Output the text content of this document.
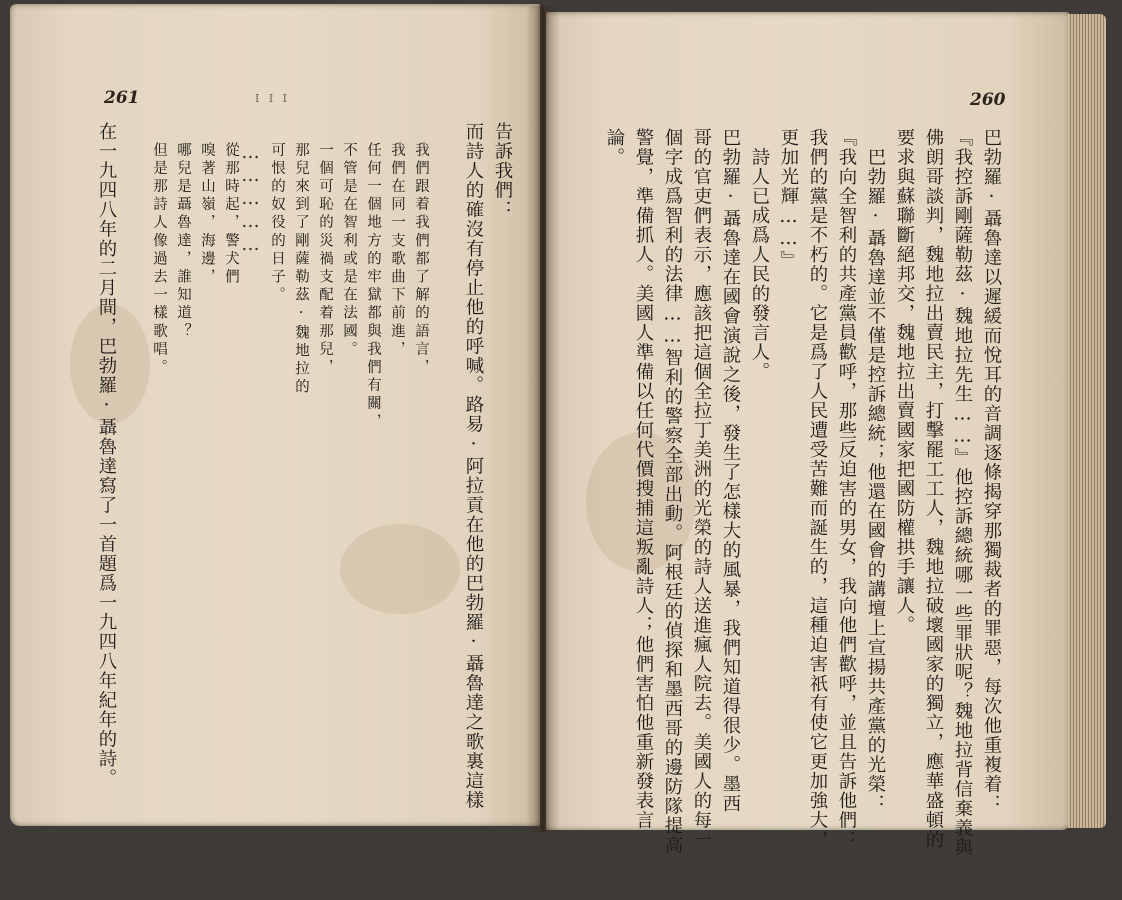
261	I I I	260
巴勃羅·聶魯達以遲緩而悅耳的音調逐條揭穿那獨裁者的罪惡，每次他重複着：
『我控訴剛薩勒茲·魏地拉先生……』他控訴總統哪一些罪狀呢？魏地拉背信棄義與
佛朗哥談判，魏地拉出賣民主，打擊罷工工人，魏地拉破壞國家的獨立，應華盛頓的
要求與蘇聯斷絕邦交，魏地拉出賣國家把國防權拱手讓人。
　巴勃羅·聶魯達並不僅是控訴總統；他還在國會的講壇上宣揚共產黨的光榮：
『我向全智利的共產黨員歡呼，那些反迫害的男女，我向他們歡呼，並且告訴他們：
我們的黨是不朽的。它是爲了人民遭受苦難而誕生的，這種迫害祇有使它更加強大，
更加光輝……』
　詩人已成爲人民的發言人。
巴勃羅·聶魯達在國會演說之後，發生了怎樣大的風暴，我們知道得很少。墨西
哥的官吏們表示，應該把這個全拉丁美洲的光榮的詩人送進瘋人院去。美國人的每一
個字成爲智利的法律……智利的警察全部出動。阿根廷的偵探和墨西哥的邊防隊提高
警覺，準備抓人。美國人準備以任何代價搜捕這叛亂詩人；他們害怕他重新發表言
論。
告訴我們：
而詩人的確沒有停止他的呼喊。路易·阿拉貢在他的巴勃羅·聶魯達之歌裏這樣
我們跟着我們都了解的語言，
我們在同一支歌曲下前進，
任何一個地方的牢獄都與我們有關，
不管是在智利或是在法國。
一個可恥的災禍支配着那兒，
那兒來到了剛薩勒茲·魏地拉的
可恨的奴役的日子。
……………
從那時起，警犬們
嗅著山嶺，海邊，
哪兒是聶魯達，誰知道？
但是那詩人像過去一樣歌唱。
在一九四八年的二月間，巴勃羅·聶魯達寫了一首題爲一九四八年紀年的詩。
